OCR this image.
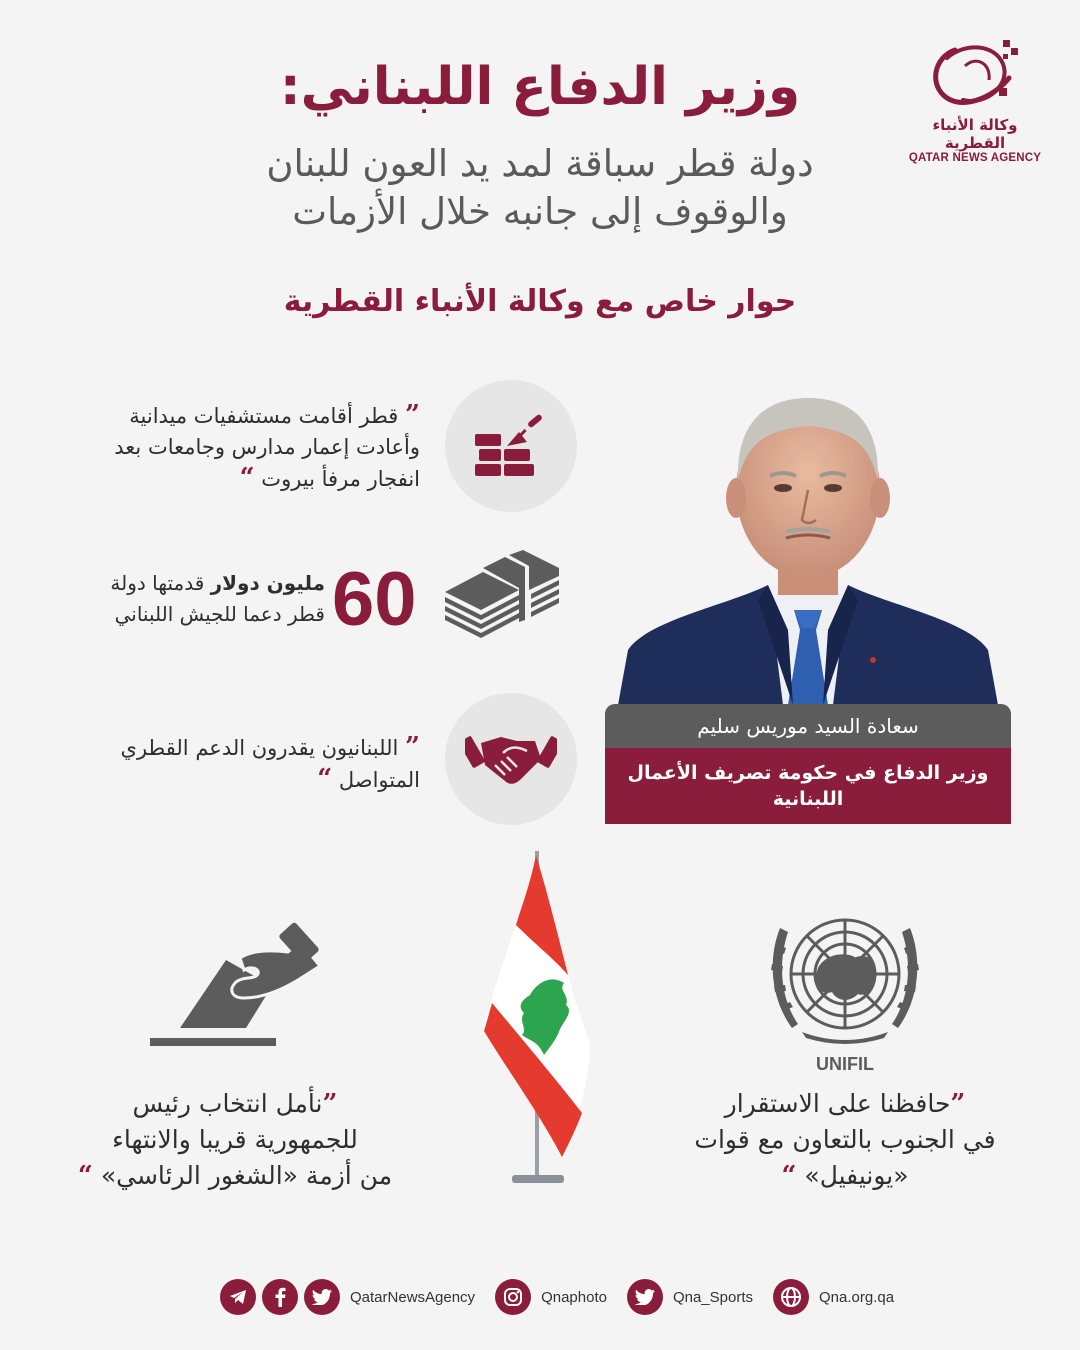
وكالة الأنباء القطرية
QATAR NEWS AGENCY
وزير الدفاع اللبناني:
دولة قطر سباقة لمد يد العون للبنان
والوقوف إلى جانبه خلال الأزمات
حوار خاص مع وكالة الأنباء القطرية
” قطر أقامت مستشفيات ميدانية
وأعادت إعمار مدارس وجامعات بعد
انفجار مرفأ بيروت “
60
مليون دولار قدمتها دولة
قطر دعما للجيش اللبناني
” اللبنانيون يقدرون الدعم القطري
المتواصل “
سعادة السيد موريس سليم
وزير الدفاع في حكومة تصريف الأعمال
اللبنانية
”نأمل انتخاب رئيس
للجمهورية قريبا والانتهاء
من أزمة «الشغور الرئاسي» “
UNIFIL
”حافظنا على الاستقرار
في الجنوب بالتعاون مع قوات
«يونيفيل» “
QatarNewsAgency	Qnaphoto	Qna_Sports	Qna.org.qa
